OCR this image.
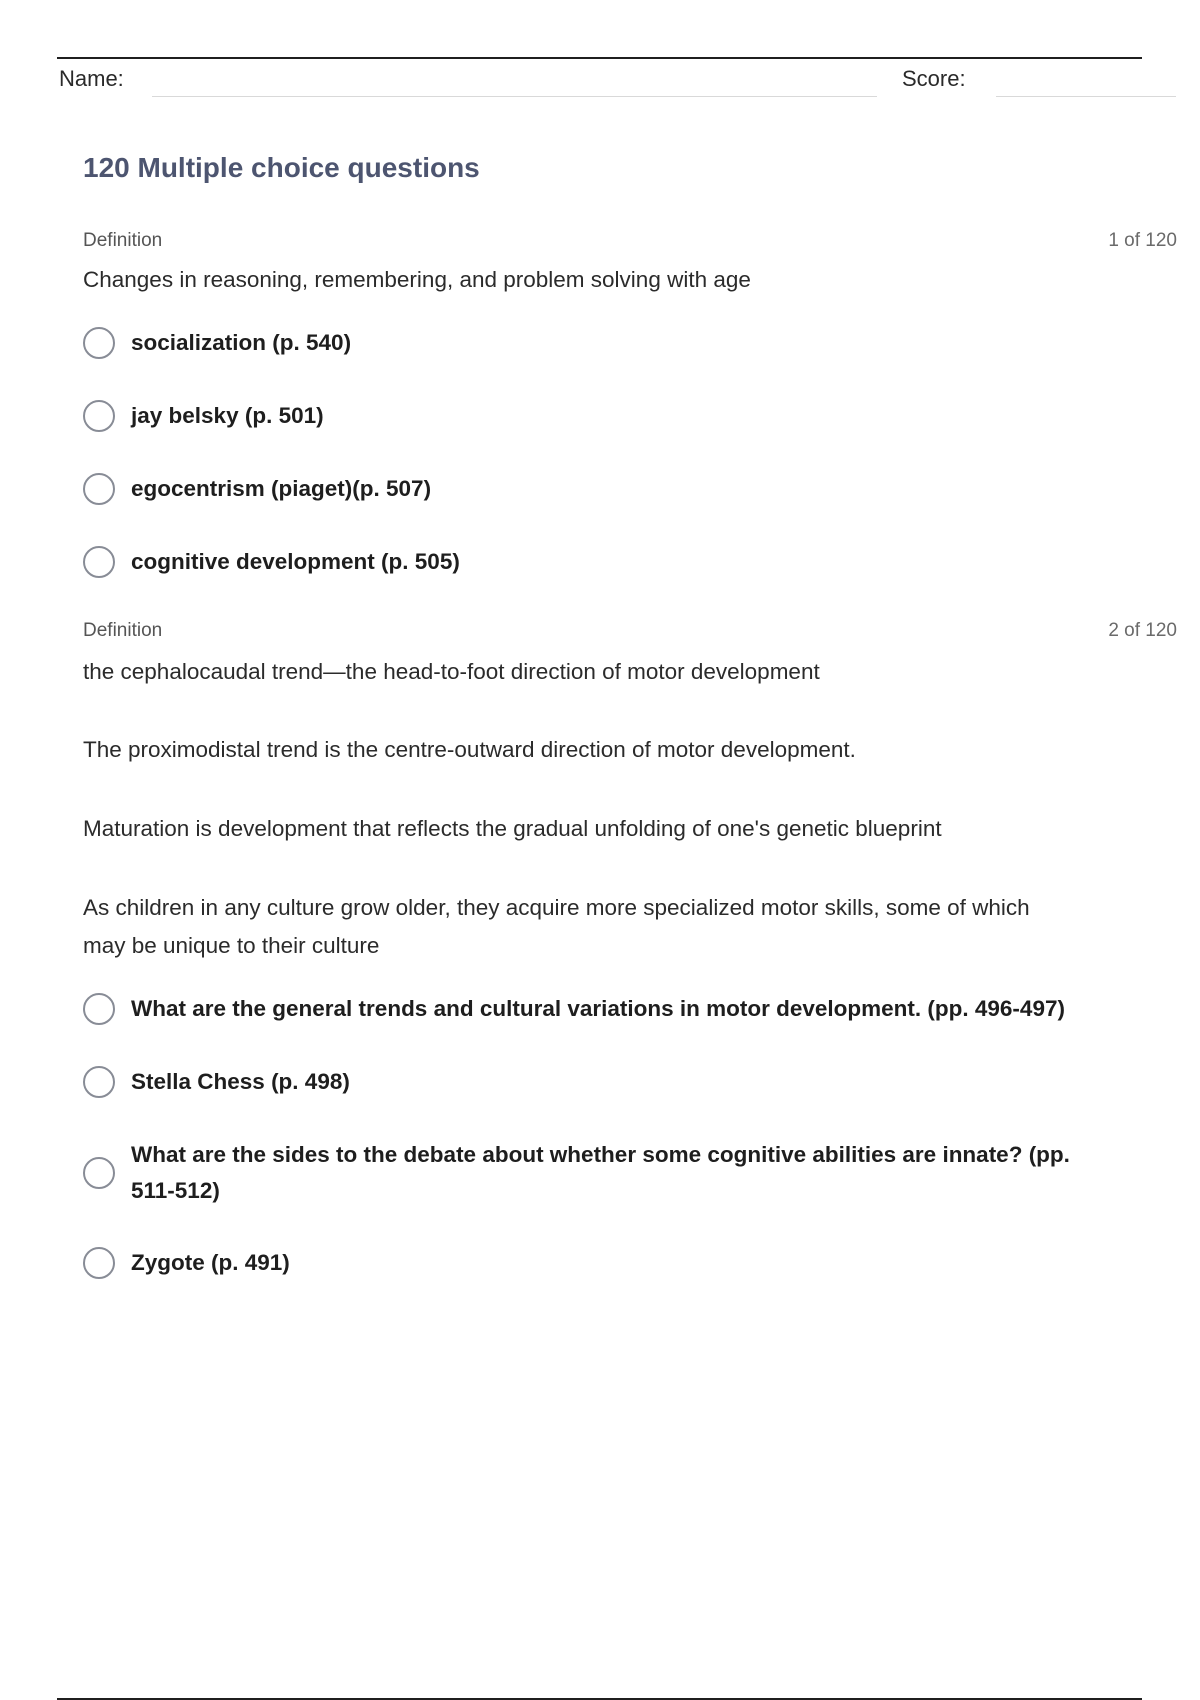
Name:	Score:
120 Multiple choice questions
Definition	1 of 120
Changes in reasoning, remembering, and problem solving with age
socialization (p. 540)
jay belsky (p. 501)
egocentrism (piaget)(p. 507)
cognitive development (p. 505)
Definition	2 of 120
the cephalocaudal trend—the head-to-foot direction of motor development
The proximodistal trend is the centre-outward direction of motor development.
Maturation is development that reflects the gradual unfolding of one's genetic blueprint
As children in any culture grow older, they acquire more specialized motor skills, some of which
may be unique to their culture
What are the general trends and cultural variations in motor development. (pp. 496-497)
Stella Chess (p. 498)
What are the sides to the debate about whether some cognitive abilities are innate? (pp.
511-512)
Zygote (p. 491)
